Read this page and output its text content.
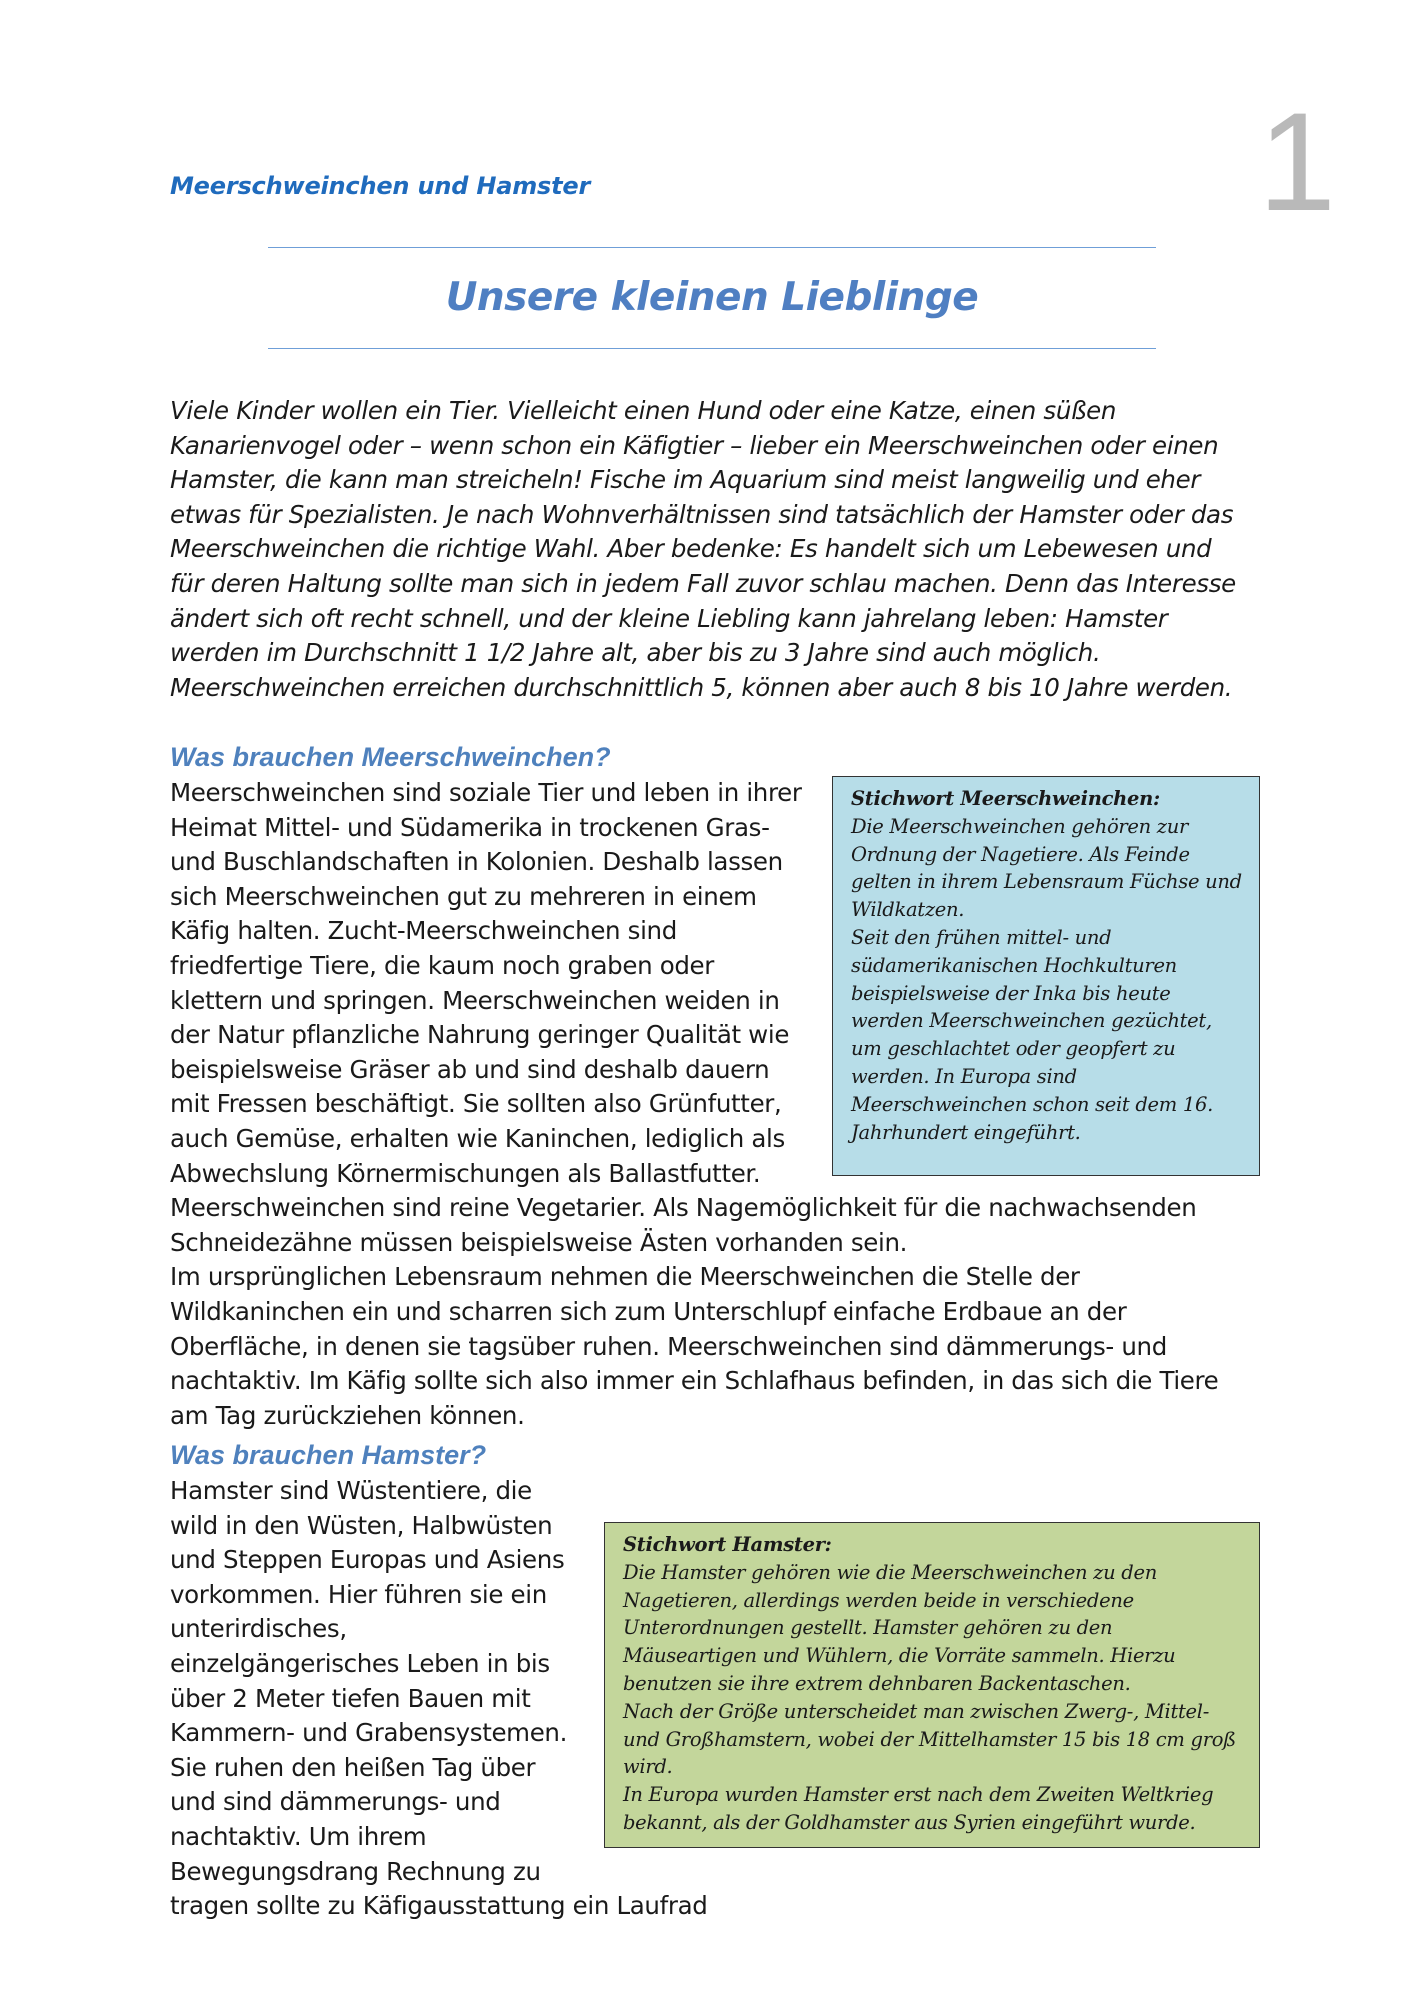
1
Meerschweinchen und Hamster
Unsere kleinen Lieblinge

Viele Kinder wollen ein Tier. Vielleicht einen Hund oder eine Katze, einen süßen Kanarienvogel oder – wenn schon ein Käfigtier – lieber ein Meerschweinchen oder einen Hamster, die kann man streicheln! Fische im Aquarium sind meist langweilig und eher etwas für Spezialisten. Je nach Wohnverhältnissen sind tatsächlich der Hamster oder das Meerschweinchen die richtige Wahl. Aber bedenke: Es handelt sich um Lebewesen und für deren Haltung sollte man sich in jedem Fall zuvor schlau machen. Denn das Interesse ändert sich oft recht schnell, und der kleine Liebling kann jahrelang leben: Hamster werden im Durchschnitt 1 1/2 Jahre alt, aber bis zu 3 Jahre sind auch möglich. Meerschweinchen erreichen durchschnittlich 5, können aber auch 8 bis 10 Jahre werden.

Was brauchen Meerschweinchen?
Stichwort Meerschweinchen:
Die Meerschweinchen gehören zur Ordnung der Nagetiere. Als Feinde gelten in ihrem Lebensraum Füchse und Wildkatzen.
Seit den frühen mittel- und südamerikanischen Hochkulturen beispielsweise der Inka bis heute werden Meerschweinchen gezüchtet, um geschlachtet oder geopfert zu werden. In Europa sind Meerschweinchen schon seit dem 16. Jahrhundert eingeführt.

Meerschweinchen sind soziale Tier und leben in ihrer Heimat Mittel- und Südamerika in trockenen Gras- und Buschlandschaften in Kolonien. Deshalb lassen sich Meerschweinchen gut zu mehreren in einem Käfig halten. Zucht-Meerschweinchen sind friedfertige Tiere, die kaum noch graben oder klettern und springen. Meerschweinchen weiden in der Natur pflanzliche Nahrung geringer Qualität wie beispielsweise Gräser ab und sind deshalb dauern mit Fressen beschäftigt. Sie sollten also Grünfutter, auch Gemüse, erhalten wie Kaninchen, lediglich als Abwechslung Körnermischungen als Ballastfutter. Meerschweinchen sind reine Vegetarier. Als Nagemöglichkeit für die nachwachsenden Schneidezähne müssen beispielsweise Ästen vorhanden sein.

Im ursprünglichen Lebensraum nehmen die Meerschweinchen die Stelle der Wildkaninchen ein und scharren sich zum Unterschlupf einfache Erdbaue an der Oberfläche, in denen sie tagsüber ruhen. Meerschweinchen sind dämmerungs- und nachtaktiv. Im Käfig sollte sich also immer ein Schlafhaus befinden, in das sich die Tiere am Tag zurückziehen können.

Was brauchen Hamster?
Stichwort Hamster:
Die Hamster gehören wie die Meerschweinchen zu den Nagetieren, allerdings werden beide in verschiedene Unterordnungen gestellt. Hamster gehören zu den Mäuseartigen und Wühlern, die Vorräte sammeln. Hierzu benutzen sie ihre extrem dehnbaren Backentaschen.
Nach der Größe unterscheidet man zwischen Zwerg-, Mittel- und Großhamstern, wobei der Mittelhamster 15 bis 18 cm groß wird.
In Europa wurden Hamster erst nach dem Zweiten Weltkrieg bekannt, als der Goldhamster aus Syrien eingeführt wurde.

Hamster sind Wüstentiere, die wild in den Wüsten, Halbwüsten und Steppen Europas und Asiens vorkommen. Hier führen sie ein unterirdisches, einzelgängerisches Leben in bis über 2 Meter tiefen Bauen mit Kammern- und Grabensystemen. Sie ruhen den heißen Tag über und sind dämmerungs- und nachtaktiv. Um ihrem Bewegungsdrang Rechnung zu tragen sollte zu Käfigausstattung ein Laufrad
